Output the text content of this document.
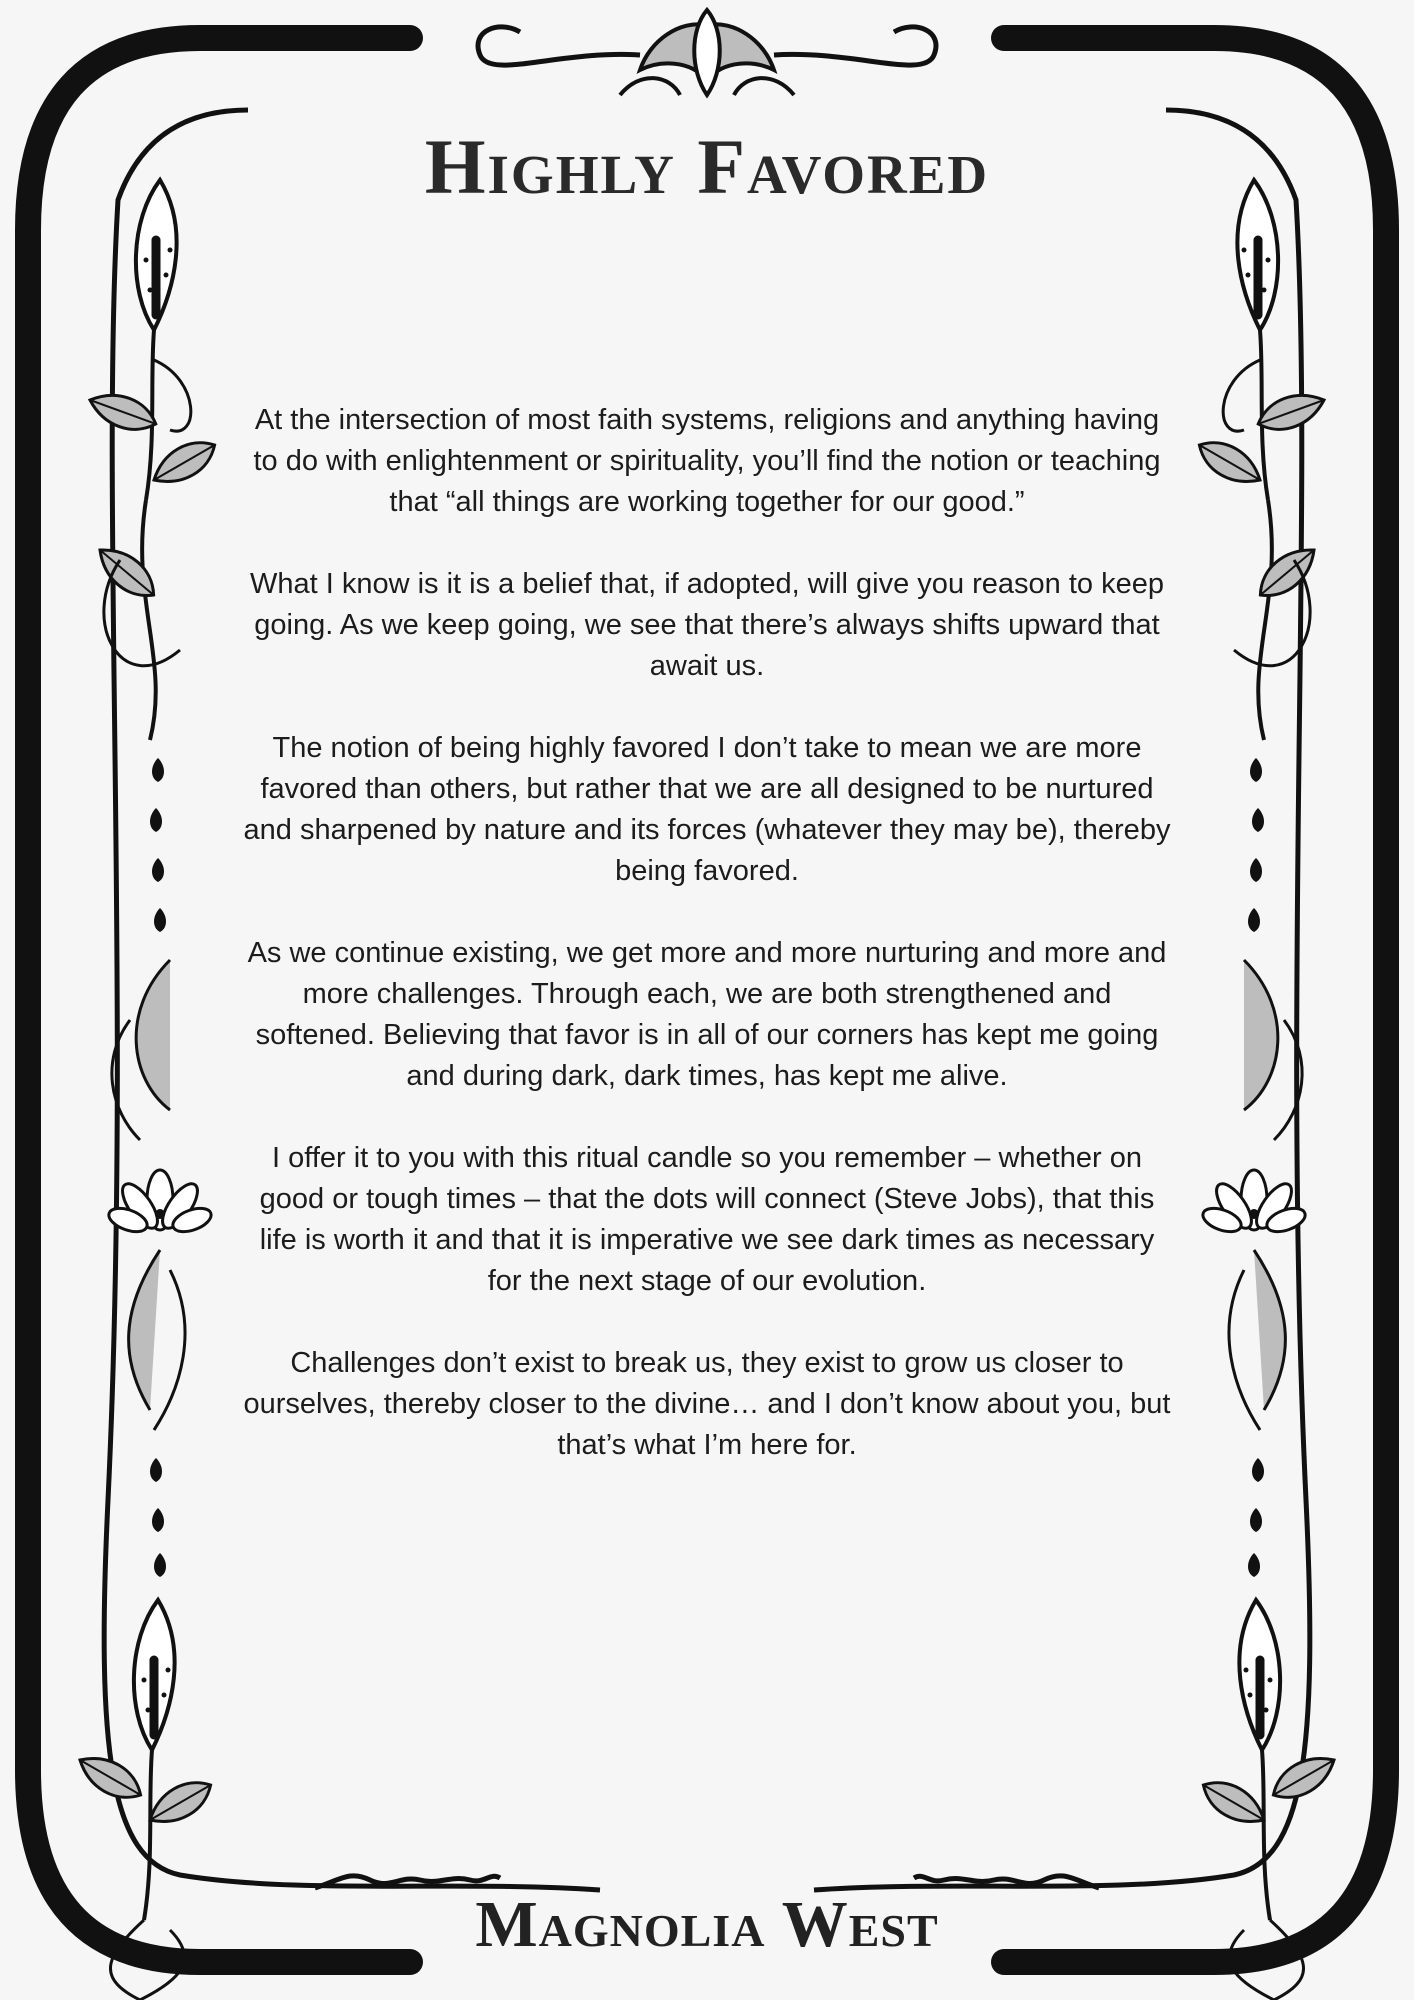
Highly Favored

At the intersection of most faith systems, religions and anything having to do with enlightenment or spirituality, you’ll find the notion or teaching that “all things are working together for our good.”

What I know is it is a belief that, if adopted, will give you reason to keep going. As we keep going, we see that there’s always shifts upward that await us.

The notion of being highly favored I don’t take to mean we are more favored than others, but rather that we are all designed to be nurtured and sharpened by nature and its forces (whatever they may be), thereby being favored.

As we continue existing, we get more and more nurturing and more and more challenges. Through each, we are both strengthened and softened. Believing that favor is in all of our corners has kept me going and during dark, dark times, has kept me alive.

I offer it to you with this ritual candle so you remember – whether on good or tough times – that the dots will connect (Steve Jobs), that this life is worth it and that it is imperative we see dark times as necessary for the next stage of our evolution.

Challenges don’t exist to break us, they exist to grow us closer to ourselves, thereby closer to the divine… and I don’t know about you, but that’s what I’m here for.

Magnolia West
